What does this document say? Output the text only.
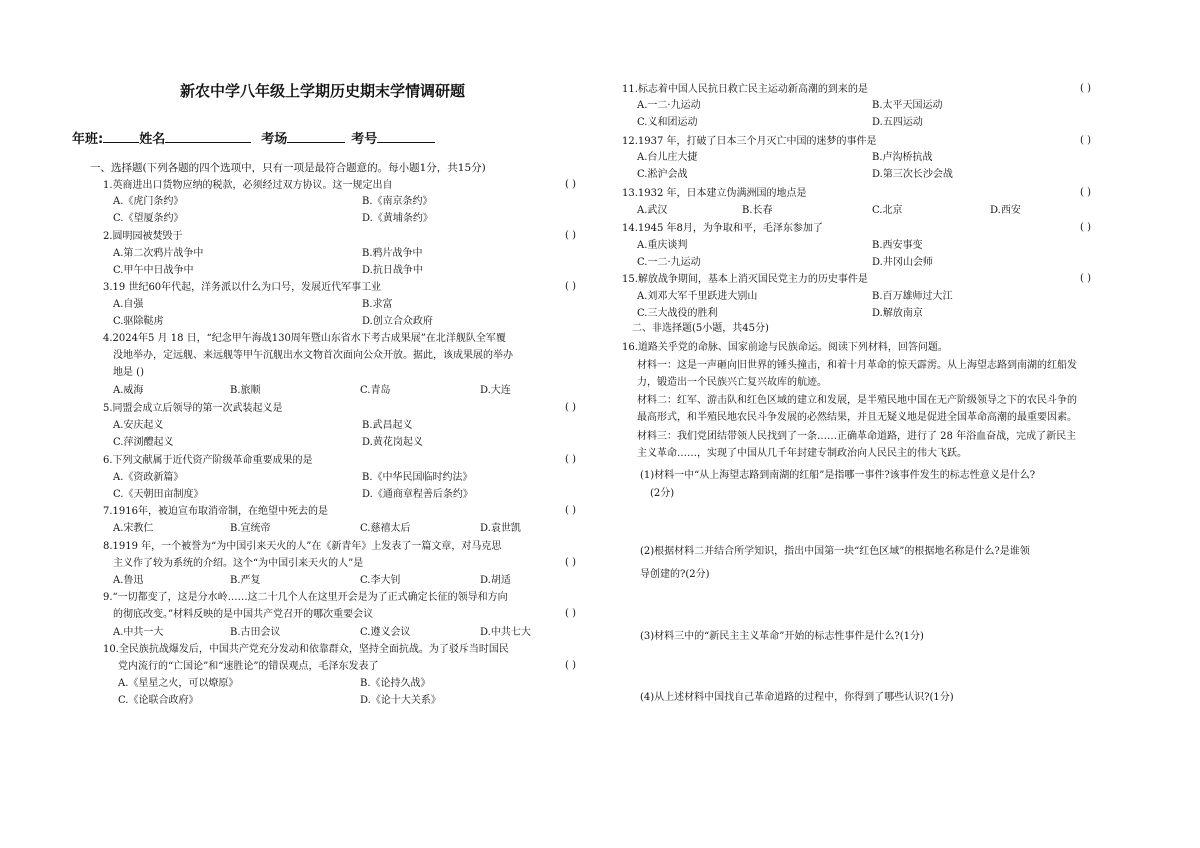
新农中学八年级上学期历史期末学情调研题
年班:	姓名	考场	考号
一、选择题(下列各题的四个选项中，只有一项是最符合题意的。每小题1分，共15分)
1.英商进出口货物应纳的税款，必须经过双方协议。这一规定出自	( )
A.《虎门条约》	B.《南京条约》
C.《望厦条约》	D.《黄埔条约》
2.圆明园被焚毁于	( )
A.第二次鸦片战争中	B.鸦片战争中
C.甲午中日战争中	D.抗日战争中
3.19 世纪60年代起，洋务派以什么为口号，发展近代军事工业	( )
A.自强	B.求富
C.驱除鞑虏	D.创立合众政府
4.2024年5 月 18 日，“纪念甲午海战130周年暨山东省水下考古成果展”在北洋舰队全军覆
没地举办，定远舰、来远舰等甲午沉舰出水文物首次面向公众开放。据此，该成果展的举办
地是 ()
A.威海	B.旅顺	C.青岛	D.大连
5.同盟会成立后领导的第一次武装起义是	( )
A.安庆起义	B.武昌起义
C.萍浏醴起义	D.黄花岗起义
6.下列文献属于近代资产阶级革命重要成果的是	( )
A.《资政新篇》	B.《中华民国临时约法》
C.《天朝田亩制度》	D.《通商章程善后条约》
7.1916年，被迫宣布取消帝制，在绝望中死去的是	( )
A.宋教仁	B.宣统帝	C.慈禧太后	D.袁世凯
8.1919 年，一个被誉为“为中国引来天火的人”在《新青年》上发表了一篇文章，对马克思
主义作了较为系统的介绍。这个“为中国引来天火的人”是	( )
A.鲁迅	B.严复	C.李大钊	D.胡适
9.“一切都变了，这是分水岭……这二十几个人在这里开会是为了正式确定长征的领导和方向
的彻底改变。”材料反映的是中国共产党召开的哪次重要会议	( )
A.中共一大	B.古田会议	C.遵义会议	D.中共七大
10.全民族抗战爆发后，中国共产党充分发动和依靠群众，坚持全面抗战。为了驳斥当时国民
党内流行的“亡国论”和“速胜论”的错误观点，毛泽东发表了	( )
A.《星星之火，可以燎原》	B.《论持久战》
C.《论联合政府》	D.《论十大关系》
11.标志着中国人民抗日救亡民主运动新高潮的到来的是	( )
A.一二·九运动	B.太平天国运动
C.义和团运动	D.五四运动
12.1937 年，打破了日本三个月灭亡中国的迷梦的事件是	( )
A.台儿庄大捷	B.卢沟桥抗战
C.淞沪会战	D.第三次长沙会战
13.1932 年，日本建立伪满洲国的地点是	( )
A.武汉	B.长春	C.北京	D.西安
14.1945 年8月，为争取和平，毛泽东参加了	( )
A.重庆谈判	B.西安事变
C.一二·九运动	D.井冈山会师
15.解放战争期间，基本上消灭国民党主力的历史事件是	( )
A.刘邓大军千里跃进大别山	B.百万雄师过大江
C.三大战役的胜利	D.解放南京
二、非选择题(5小题，共45分)
16.道路关乎党的命脉、国家前途与民族命运。阅读下列材料，回答问题。
材料一：这是一声砸向旧世界的锤头撞击，和着十月革命的惊天霹雳。从上海望志路到南湖的红船发
力，锻造出一个民族兴亡复兴故库的航迹。
材料二：红军、游击队和红色区域的建立和发展，是半殖民地中国在无产阶级领导之下的农民斗争的
最高形式，和半殖民地农民斗争发展的必然结果，并且无疑义地是促进全国革命高潮的最重要因素。
材料三：我们党团结带领人民找到了一条……正确革命道路，进行了 28 年浴血奋战，完成了新民主
主义革命……，实现了中国从几千年封建专制政治向人民民主的伟大飞跃。
(1)材料一中“从上海望志路到南湖的红船”是指哪一事件?该事件发生的标志性意义是什么?
(2分)
(2)根据材料二并结合所学知识，指出中国第一块“红色区域”的根据地名称是什么?是谁领
导创建的?(2分)
(3)材料三中的“新民主主义革命”开始的标志性事件是什么?(1分)
(4)从上述材料中国找自己革命道路的过程中，你得到了哪些认识?(1分)
